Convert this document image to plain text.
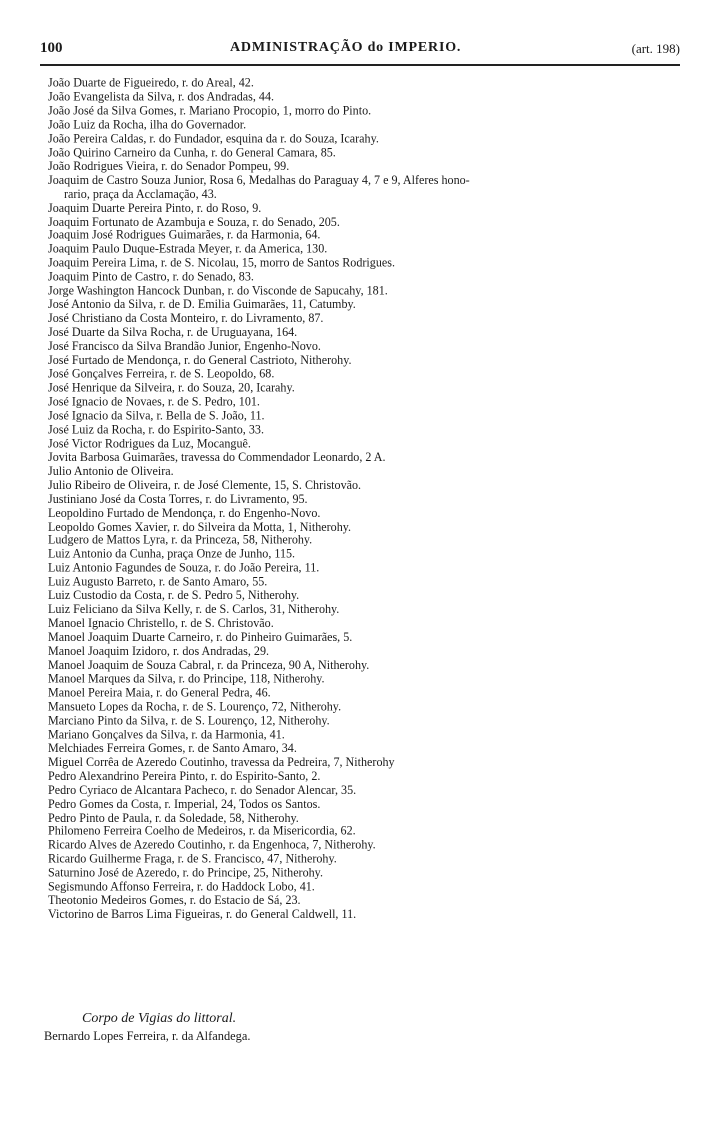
100	ADMINISTRAÇÃO do IMPERIO.	(art. 198)
João Duarte de Figueiredo, r. do Areal, 42.
João Evangelista da Silva, r. dos Andradas, 44.
João José da Silva Gomes, r. Mariano Procopio, 1, morro do Pinto.
João Luiz da Rocha, ilha do Governador.
João Pereira Caldas, r. do Fundador, esquina da r. do Souza, Icarahy.
João Quirino Carneiro da Cunha, r. do General Camara, 85.
João Rodrigues Vieira, r. do Senador Pompeu, 99.
Joaquim de Castro Souza Junior, Rosa 6, Medalhas do Paraguay 4, 7 e 9, Alferes hono-
rario, praça da Acclamação, 43.
Joaquim Duarte Pereira Pinto, r. do Roso, 9.
Joaquim Fortunato de Azambuja e Souza, r. do Senado, 205.
Joaquim José Rodrigues Guimarães, r. da Harmonia, 64.
Joaquim Paulo Duque-Estrada Meyer, r. da America, 130.
Joaquim Pereira Lima, r. de S. Nicolau, 15, morro de Santos Rodrigues.
Joaquim Pinto de Castro, r. do Senado, 83.
Jorge Washington Hancock Dunban, r. do Visconde de Sapucahy, 181.
José Antonio da Silva, r. de D. Emilia Guimarães, 11, Catumby.
José Christiano da Costa Monteiro, r. do Livramento, 87.
José Duarte da Silva Rocha, r. de Uruguayana, 164.
José Francisco da Silva Brandão Junior, Engenho-Novo.
José Furtado de Mendonça, r. do General Castrioto, Nitherohy.
José Gonçalves Ferreira, r. de S. Leopoldo, 68.
José Henrique da Silveira, r. do Souza, 20, Icarahy.
José Ignacio de Novaes, r. de S. Pedro, 101.
José Ignacio da Silva, r. Bella de S. João, 11.
José Luiz da Rocha, r. do Espirito-Santo, 33.
José Victor Rodrigues da Luz, Mocanguê.
Jovita Barbosa Guimarães, travessa do Commendador Leonardo, 2 A.
Julio Antonio de Oliveira.
Julio Ribeiro de Oliveira, r. de José Clemente, 15, S. Christovão.
Justiniano José da Costa Torres, r. do Livramento, 95.
Leopoldino Furtado de Mendonça, r. do Engenho-Novo.
Leopoldo Gomes Xavier, r. do Silveira da Motta, 1, Nitherohy.
Ludgero de Mattos Lyra, r. da Princeza, 58, Nitherohy.
Luiz Antonio da Cunha, praça Onze de Junho, 115.
Luiz Antonio Fagundes de Souza, r. do João Pereira, 11.
Luiz Augusto Barreto, r. de Santo Amaro, 55.
Luiz Custodio da Costa, r. de S. Pedro 5, Nitherohy.
Luiz Feliciano da Silva Kelly, r. de S. Carlos, 31, Nitherohy.
Manoel Ignacio Christello, r. de S. Christovão.
Manoel Joaquim Duarte Carneiro, r. do Pinheiro Guimarães, 5.
Manoel Joaquim Izidoro, r. dos Andradas, 29.
Manoel Joaquim de Souza Cabral, r. da Princeza, 90 A, Nitherohy.
Manoel Marques da Silva, r. do Principe, 118, Nitherohy.
Manoel Pereira Maia, r. do General Pedra, 46.
Mansueto Lopes da Rocha, r. de S. Lourenço, 72, Nitherohy.
Marciano Pinto da Silva, r. de S. Lourenço, 12, Nitherohy.
Mariano Gonçalves da Silva, r. da Harmonia, 41.
Melchiades Ferreira Gomes, r. de Santo Amaro, 34.
Miguel Corrêa de Azeredo Coutinho, travessa da Pedreira, 7, Nitherohy
Pedro Alexandrino Pereira Pinto, r. do Espirito-Santo, 2.
Pedro Cyriaco de Alcantara Pacheco, r. do Senador Alencar, 35.
Pedro Gomes da Costa, r. Imperial, 24, Todos os Santos.
Pedro Pinto de Paula, r. da Soledade, 58, Nitherohy.
Philomeno Ferreira Coelho de Medeiros, r. da Misericordia, 62.
Ricardo Alves de Azeredo Coutinho, r. da Engenhoca, 7, Nitherohy.
Ricardo Guilherme Fraga, r. de S. Francisco, 47, Nitherohy.
Saturnino José de Azeredo, r. do Principe, 25, Nitherohy.
Segismundo Affonso Ferreira, r. do Haddock Lobo, 41.
Theotonio Medeiros Gomes, r. do Estacio de Sá, 23.
Victorino de Barros Lima Figueiras, r. do General Caldwell, 11.
Corpo de Vigias do littoral.
Bernardo Lopes Ferreira, r. da Alfandega.
